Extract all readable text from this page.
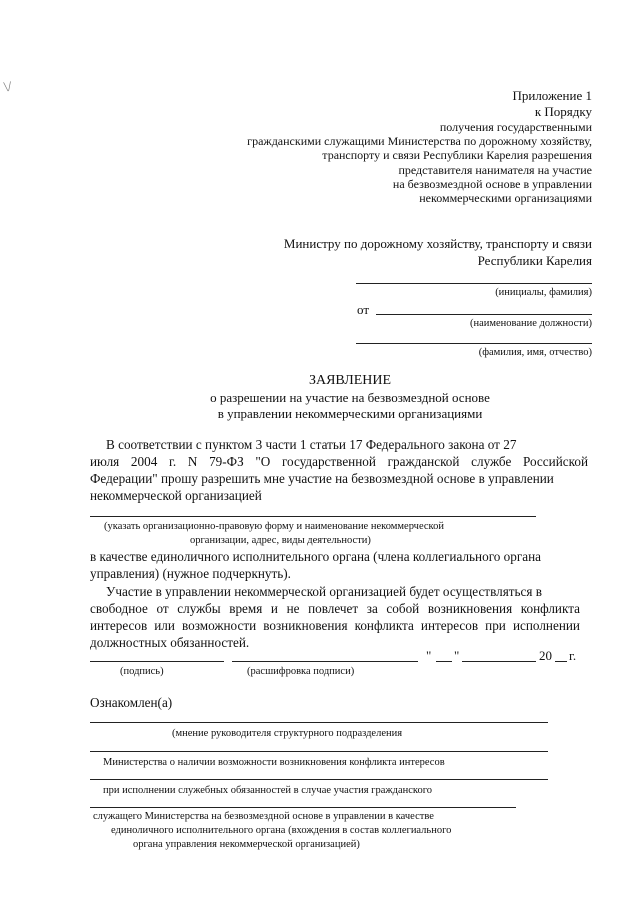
\/
Приложение 1
к Порядку
получения государственными
гражданскими служащими Министерства по дорожному хозяйству,
транспорту и связи Республики Карелия разрешения
представителя нанимателя на участие
на безвозмездной основе в управлении
некоммерческими организациями
Министру по дорожному хозяйству, транспорту и связи
Республики Карелия
(инициалы, фамилия)
от
(наименование должности)
(фамилия, имя, отчество)
ЗАЯВЛЕНИЕ
о разрешении на участие на безвозмездной основе
в управлении некоммерческими организациями
В соответствии с пунктом 3 части 1 статьи 17 Федерального закона от 27
июля 2004 г. N 79-ФЗ "О государственной гражданской службе Российской
Федерации" прошу разрешить мне участие на безвозмездной основе в управлении
некоммерческой организацией
(указать организационно-правовую форму и наименование некоммерческой
организации, адрес, виды деятельности)
в качестве единоличного исполнительного органа (члена коллегиального органа
управления) (нужное подчеркнуть).
Участие в управлении некоммерческой организацией будет осуществляться в
свободное от службы время и не повлечет за собой возникновения конфликта
интересов или возможности возникновения конфликта интересов при исполнении
должностных обязанностей.
" "	20 г.
(подпись)	(расшифровка подписи)
Ознакомлен(а)
(мнение руководителя структурного подразделения
Министерства о наличии возможности возникновения конфликта интересов
при исполнении служебных обязанностей в случае участия гражданского
служащего Министерства на безвозмездной основе в управлении в качестве
единоличного исполнительного органа (вхождения в состав коллегиального
органа управления некоммерческой организацией)
